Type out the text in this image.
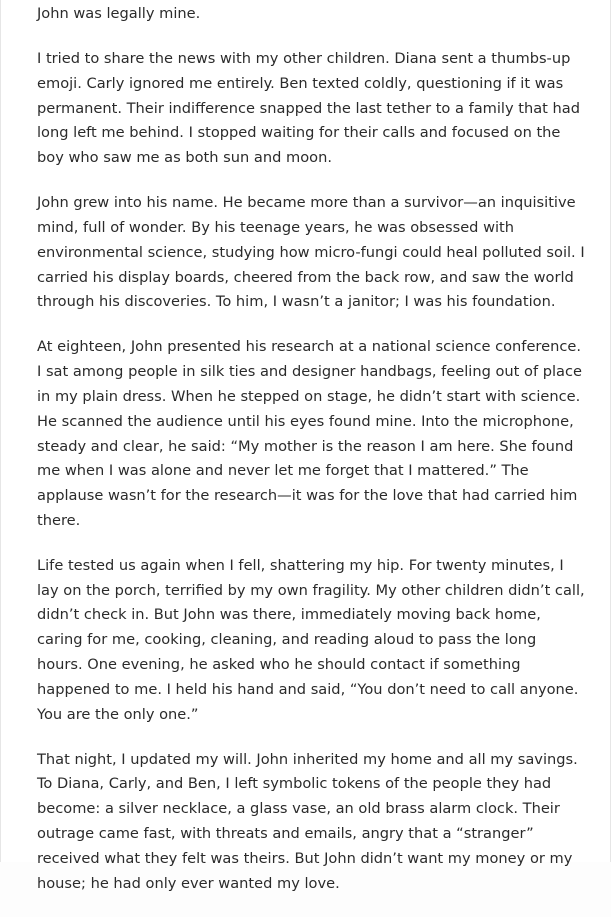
John was legally mine.

I tried to share the news with my other children. Diana sent a thumbs-up emoji. Carly ignored me entirely. Ben texted coldly, questioning if it was permanent. Their indifference snapped the last tether to a family that had long left me behind. I stopped waiting for their calls and focused on the boy who saw me as both sun and moon.

John grew into his name. He became more than a survivor—an inquisitive mind, full of wonder. By his teenage years, he was obsessed with environmental science, studying how micro-fungi could heal polluted soil. I carried his display boards, cheered from the back row, and saw the world through his discoveries. To him, I wasn’t a janitor; I was his foundation.

At eighteen, John presented his research at a national science conference. I sat among people in silk ties and designer handbags, feeling out of place in my plain dress. When he stepped on stage, he didn’t start with science. He scanned the audience until his eyes found mine. Into the microphone, steady and clear, he said: “My mother is the reason I am here. She found me when I was alone and never let me forget that I mattered.” The applause wasn’t for the research—it was for the love that had carried him there.

Life tested us again when I fell, shattering my hip. For twenty minutes, I lay on the porch, terrified by my own fragility. My other children didn’t call, didn’t check in. But John was there, immediately moving back home, caring for me, cooking, cleaning, and reading aloud to pass the long hours. One evening, he asked who he should contact if something happened to me. I held his hand and said, “You don’t need to call anyone. You are the only one.”

That night, I updated my will. John inherited my home and all my savings. To Diana, Carly, and Ben, I left symbolic tokens of the people they had become: a silver necklace, a glass vase, an old brass alarm clock. Their outrage came fast, with threats and emails, angry that a “stranger” received what they felt was theirs. But John didn’t want my money or my house; he had only ever wanted my love.
